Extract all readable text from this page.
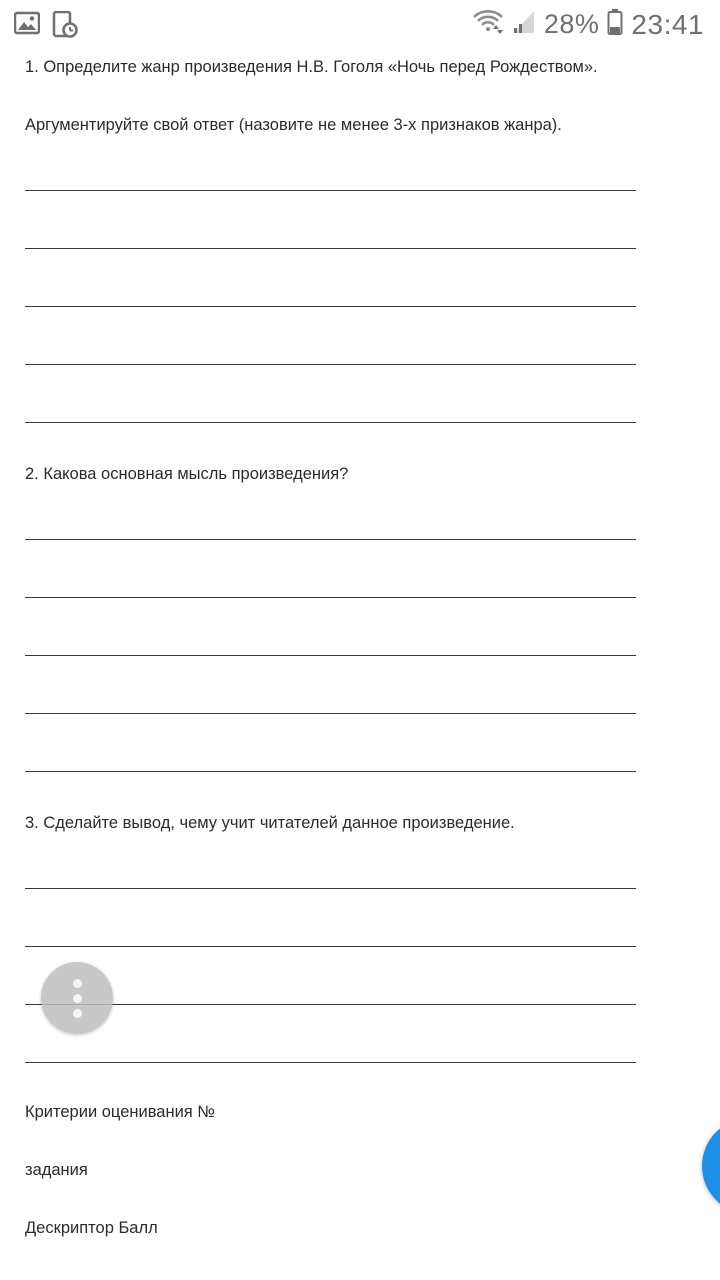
28% 23:41
1. Определите жанр произведения Н.В. Гоголя «Ночь перед Рождеством».
Аргументируйте свой ответ (назовите не менее 3-х признаков жанра).
2. Какова основная мысль произведения?
3. Сделайте вывод, чему учит читателей данное произведение.
Критерии оценивания №
задания
Дескриптор Балл
